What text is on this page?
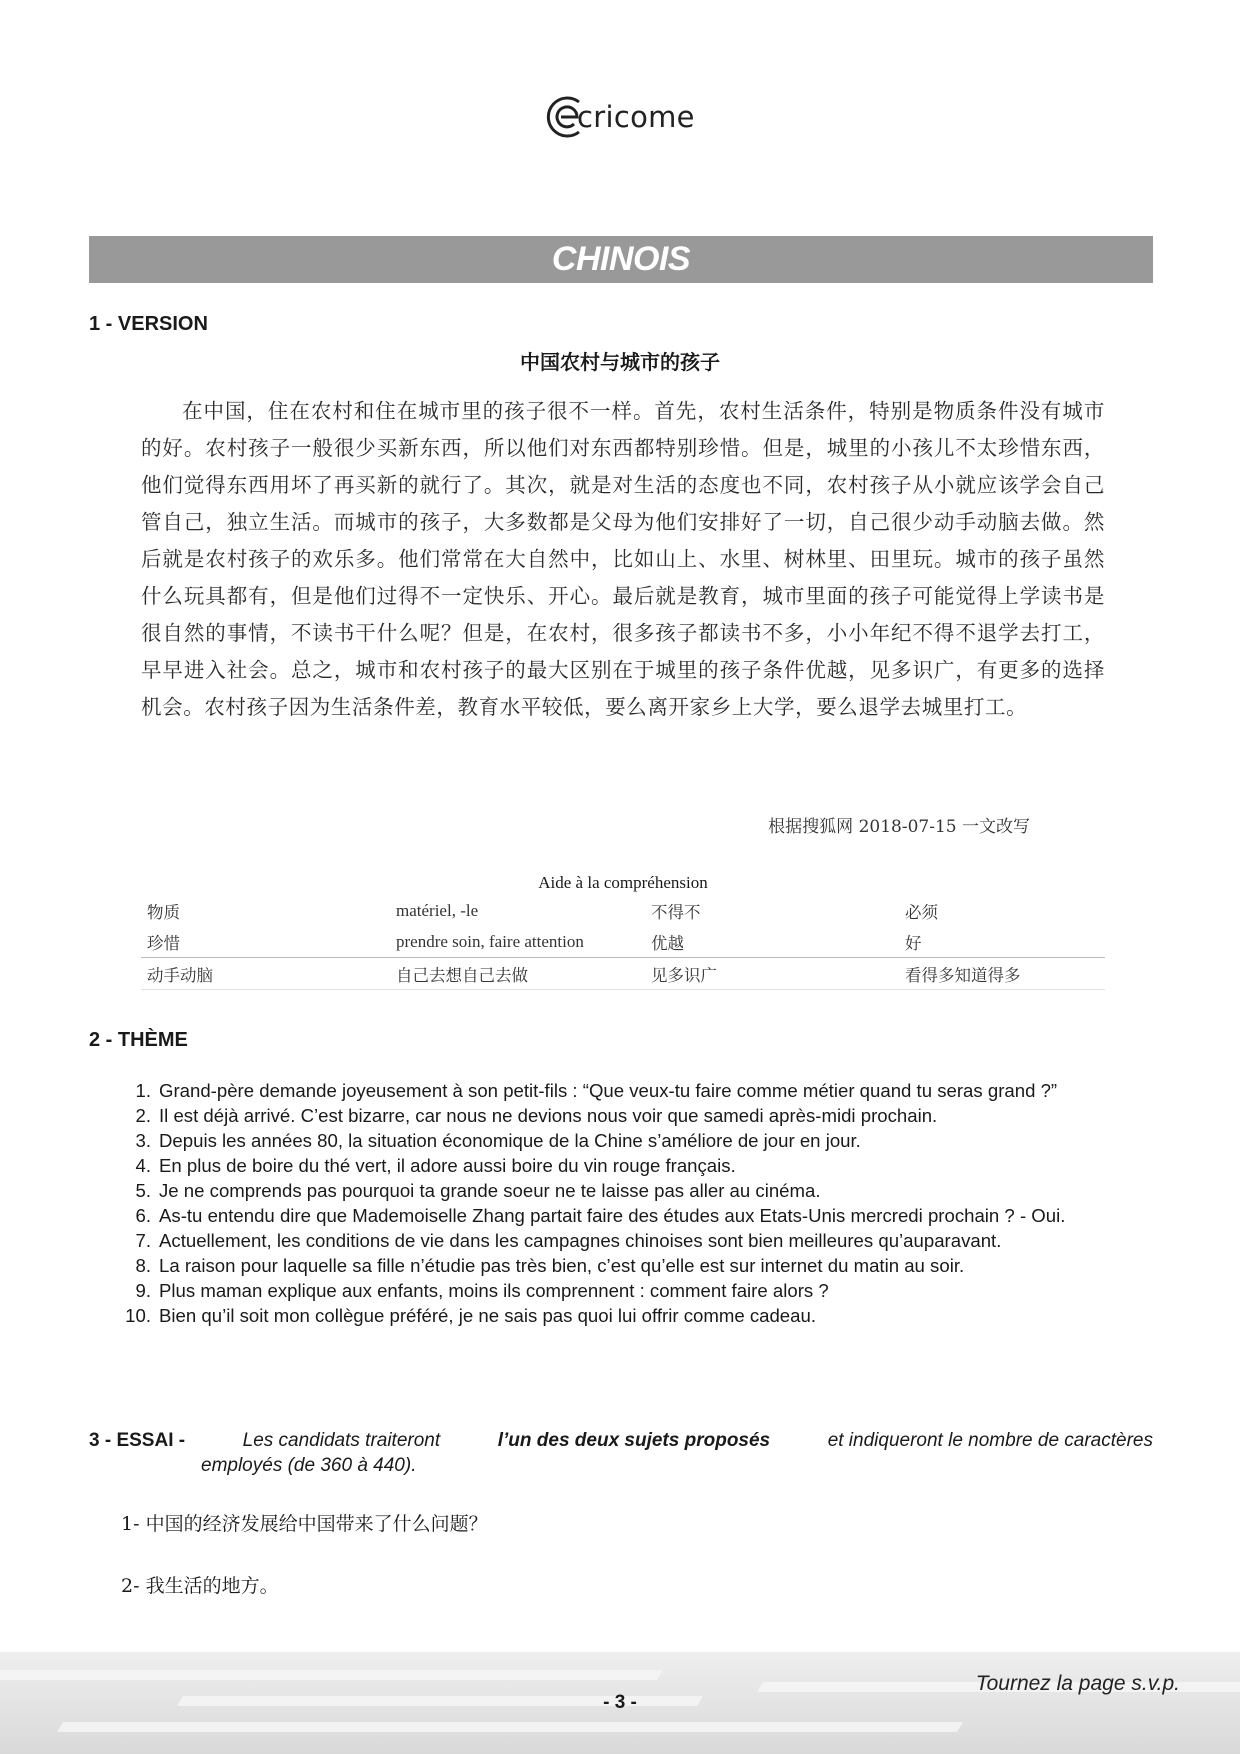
cricome
CHINOIS
1 - VERSION
中国农村与城市的孩子
在中国，住在农村和住在城市里的孩子很不一样。首先，农村生活条件，特别是物质条件没有城市的好。农村孩子一般很少买新东西，所以他们对东西都特别珍惜。但是，城里的小孩儿不太珍惜东西，他们觉得东西用坏了再买新的就行了。其次，就是对生活的态度也不同，农村孩子从小就应该学会自己管自己，独立生活。而城市的孩子，大多数都是父母为他们安排好了一切，自己很少动手动脑去做。然后就是农村孩子的欢乐多。他们常常在大自然中，比如山上、水里、树林里、田里玩。城市的孩子虽然什么玩具都有，但是他们过得不一定快乐、开心。最后就是教育，城市里面的孩子可能觉得上学读书是很自然的事情，不读书干什么呢？但是，在农村，很多孩子都读书不多，小小年纪不得不退学去打工，早早进入社会。总之，城市和农村孩子的最大区别在于城里的孩子条件优越，见多识广，有更多的选择机会。农村孩子因为生活条件差，教育水平较低，要么离开家乡上大学，要么退学去城里打工。
根据搜狐网 2018-07-15 一文改写
Aide à la compréhension
物质	matériel, -le	不得不	必须
珍惜	prendre soin, faire attention	优越	好
动手动脑	自己去想自己去做	见多识广	看得多知道得多
2 - THÈME
1. Grand-père demande joyeusement à son petit-fils : “Que veux-tu faire comme métier quand tu seras grand ?”
2. Il est déjà arrivé. C’est bizarre, car nous ne devions nous voir que samedi après-midi prochain.
3. Depuis les années 80, la situation économique de la Chine s’améliore de jour en jour.
4. En plus de boire du thé vert, il adore aussi boire du vin rouge français.
5. Je ne comprends pas pourquoi ta grande soeur ne te laisse pas aller au cinéma.
6. As-tu entendu dire que Mademoiselle Zhang partait faire des études aux Etats-Unis mercredi prochain ? - Oui.
7. Actuellement, les conditions de vie dans les campagnes chinoises sont bien meilleures qu’auparavant.
8. La raison pour laquelle sa fille n’étudie pas très bien, c’est qu’elle est sur internet du matin au soir.
9. Plus maman explique aux enfants, moins ils comprennent : comment faire alors ?
10. Bien qu’il soit mon collègue préféré, je ne sais pas quoi lui offrir comme cadeau.
3 - ESSAI -	Les candidats traiteront	l’un des deux sujets proposés	et indiqueront le nombre de caractères
employés (de 360 à 440).
1- 中国的经济发展给中国带来了什么问题？
2- 我生活的地方。
Tournez la page s.v.p.
- 3 -
